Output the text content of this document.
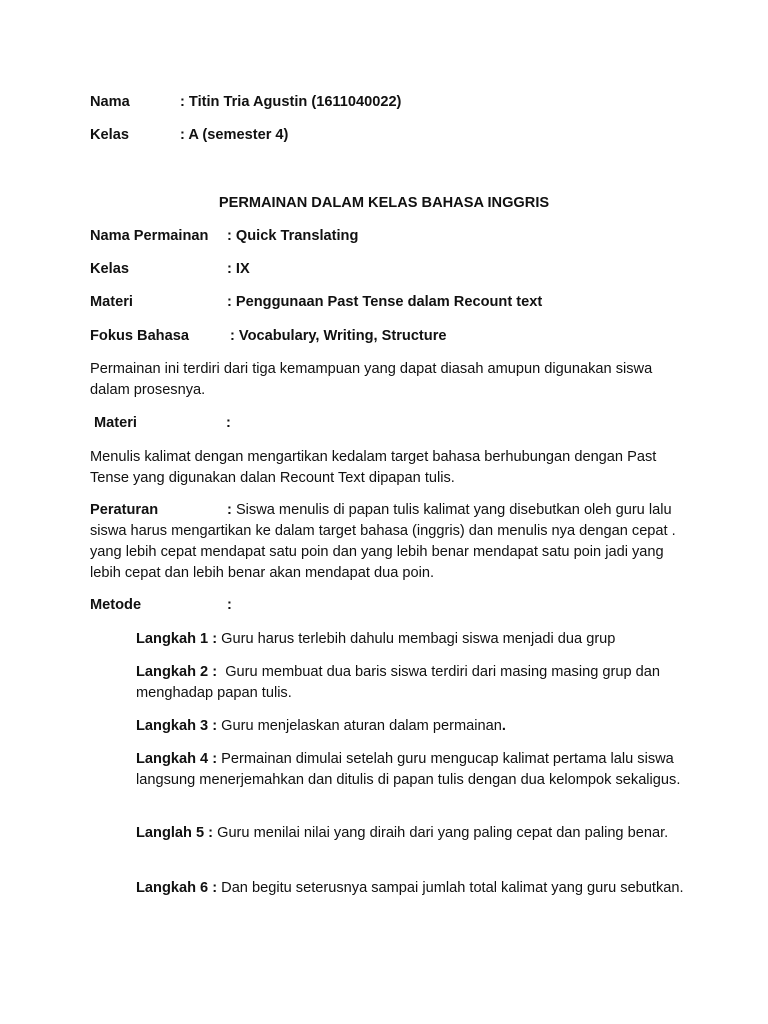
Nama	: Titin Tria Agustin (1611040022)
Kelas	: A (semester 4)
PERMAINAN DALAM KELAS BAHASA INGGRIS
Nama Permainan : Quick Translating
Kelas	: IX
Materi	: Penggunaan Past Tense dalam Recount text
Fokus Bahasa	: Vocabulary, Writing, Structure
Permainan ini terdiri dari tiga kemampuan yang dapat diasah amupun digunakan siswa dalam prosesnya.
Materi	:
Menulis kalimat dengan mengartikan kedalam target bahasa berhubungan dengan Past Tense yang digunakan dalan Recount Text dipapan tulis.
Peraturan	: Siswa menulis di papan tulis kalimat yang disebutkan oleh guru lalu siswa harus mengartikan ke dalam target bahasa (inggris) dan menulis nya dengan cepat . yang lebih cepat mendapat satu poin dan yang lebih benar mendapat satu poin jadi yang lebih cepat dan lebih benar akan mendapat dua poin.
Metode	:
Langkah 1 : Guru harus terlebih dahulu membagi siswa menjadi dua grup
Langkah 2 : Guru membuat dua baris siswa terdiri dari masing masing grup dan menghadap papan tulis.
Langkah 3 : Guru menjelaskan aturan dalam permainan.
Langkah 4 : Permainan dimulai setelah guru mengucap kalimat pertama lalu siswa langsung menerjemahkan dan ditulis di papan tulis dengan dua kelompok sekaligus.
Langlah 5 : Guru menilai nilai yang diraih dari yang paling cepat dan paling benar.
Langkah 6 : Dan begitu seterusnya sampai jumlah total kalimat yang guru sebutkan.
